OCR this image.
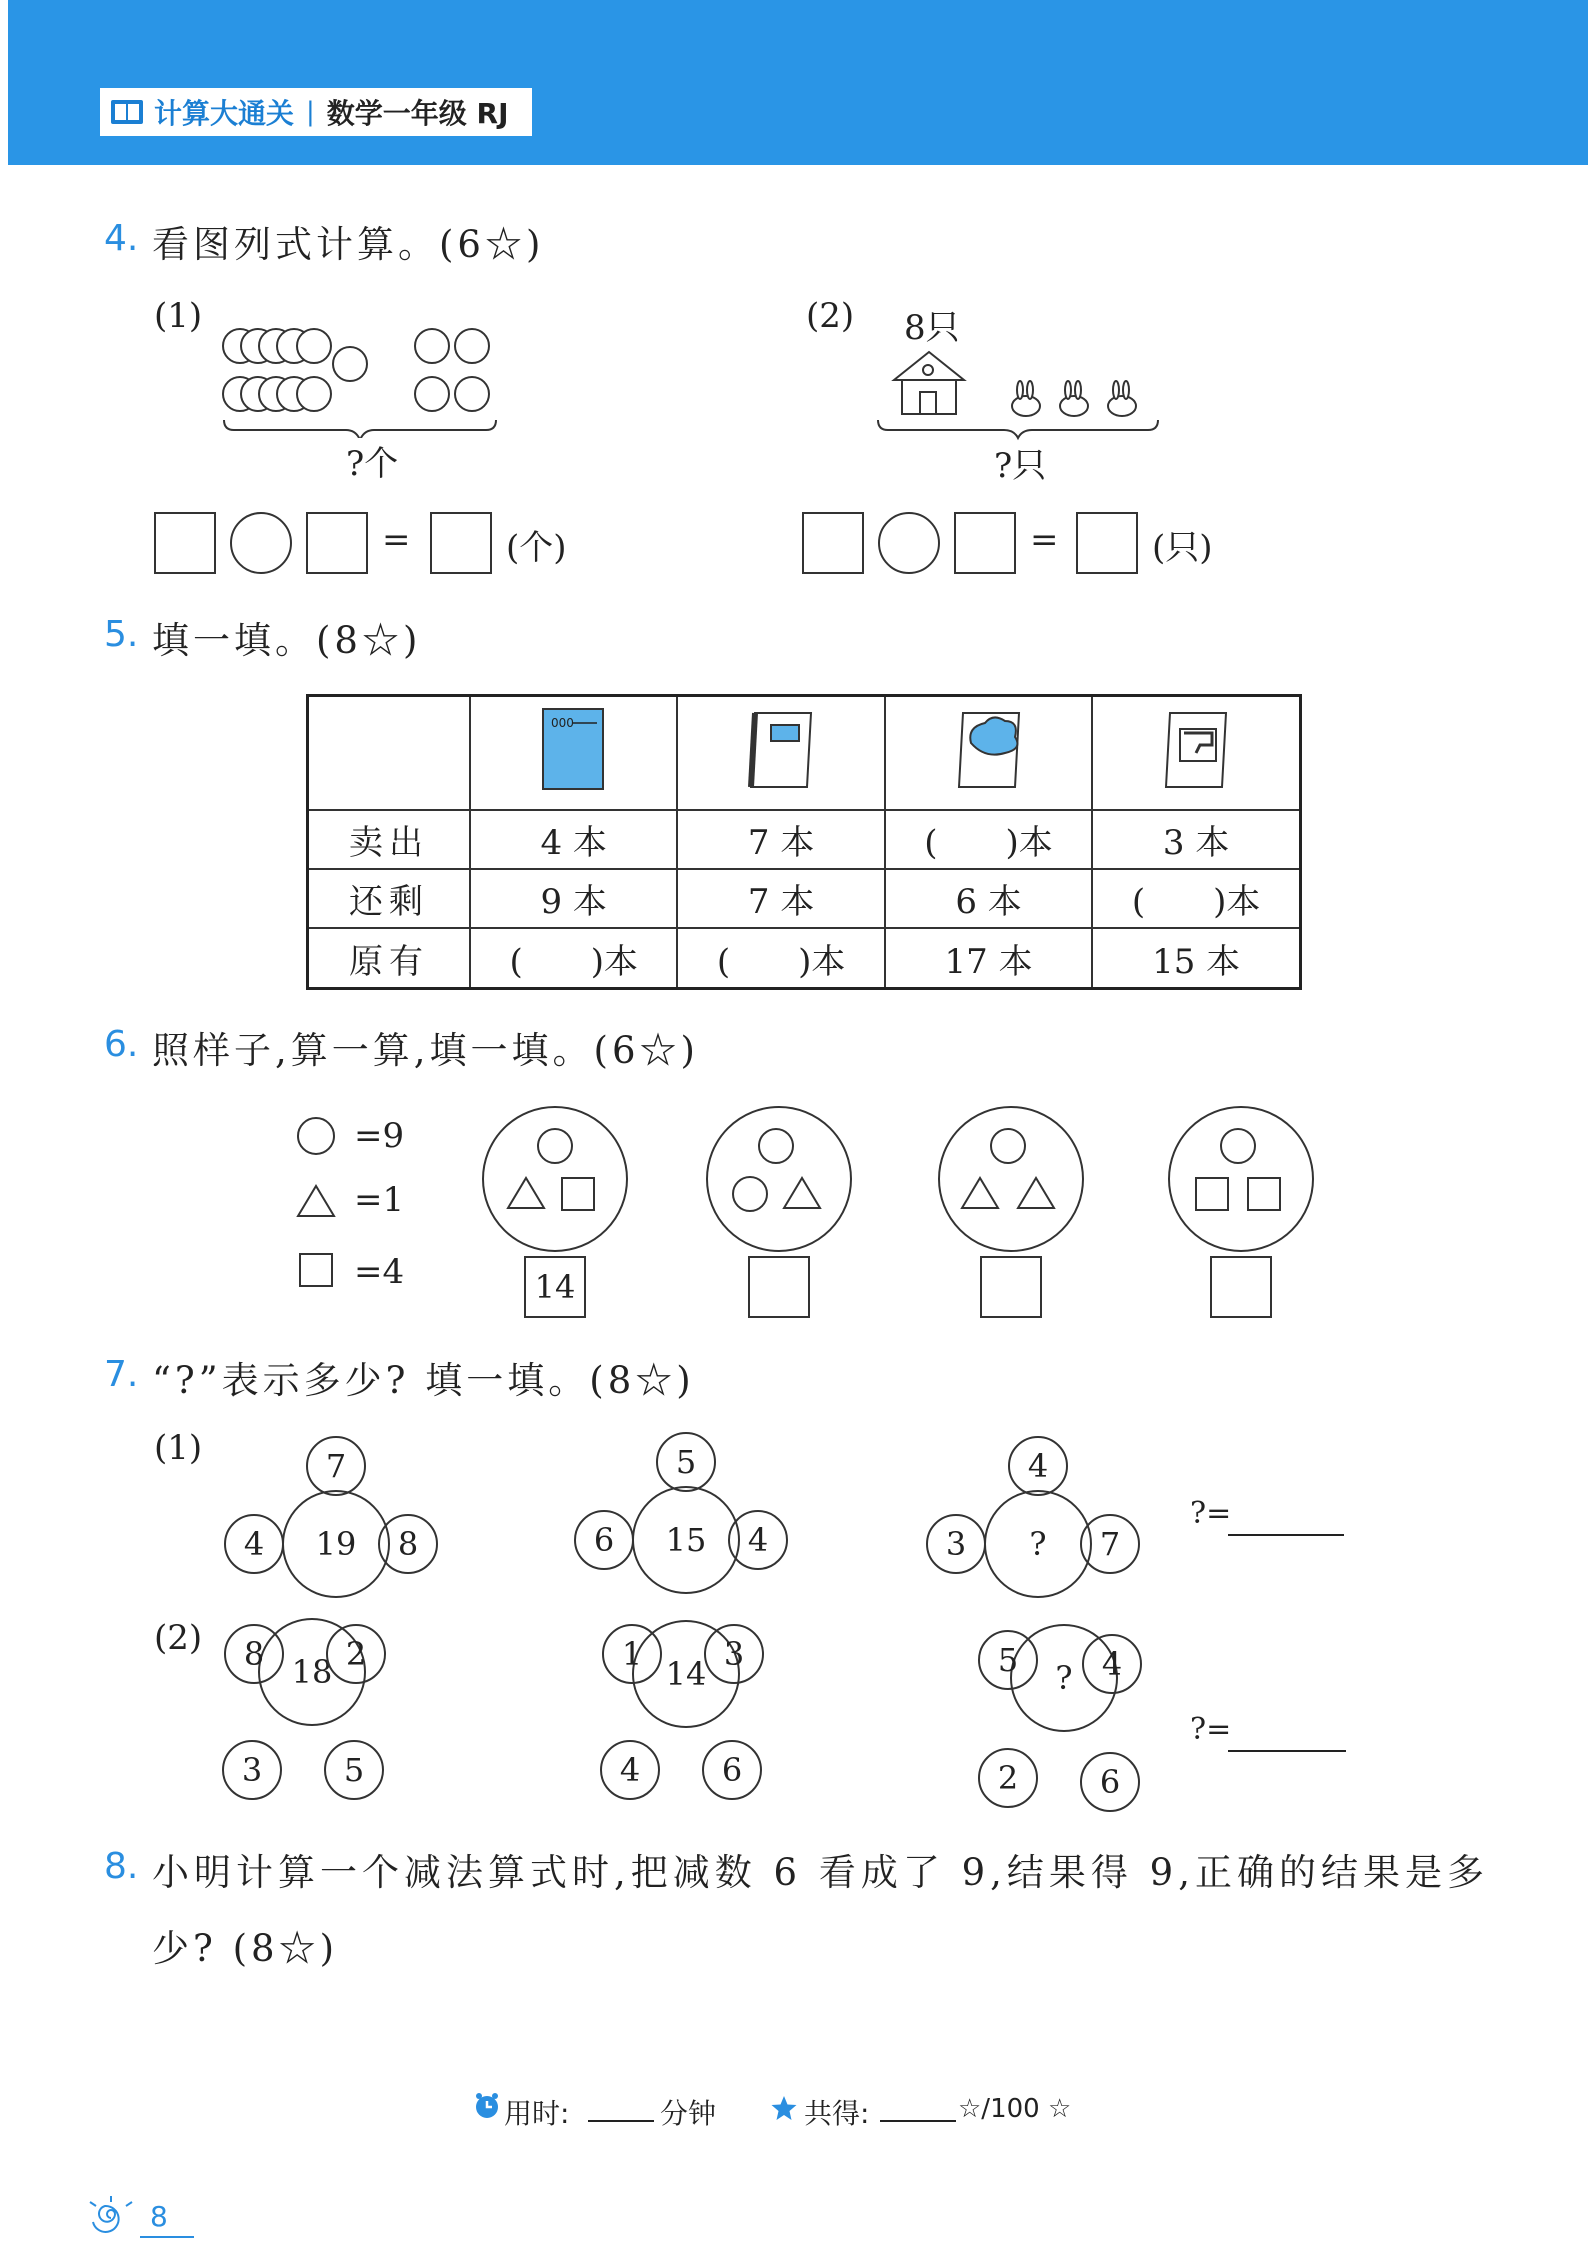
计算大通关 | 数学一年级 RJ
4. 看图列式计算。(6☆)
(1)
?个
(2) 8只
?只
=	(个)	=	(只)
5. 填一填。(8☆)

000

卖出	4 本	7 本	(　　)本	3 本
还剩	9 本	7 本	6 本	(　　)本
原有	(　　)本	(　　)本	17 本	15 本
6. 照样子,算一算,填一填。(6☆)
=9
=1
=4	14
7. “?”表示多少? 填一填。(8☆)
(1)
(2)
7
19
4	8
5
15
6	4
4
?
3	7
?=
18
8	2
3	5
14
1	3
4	6
?
5	4
2	6
?=
8. 小明计算一个减法算式时,把减数 6 看成了 9,结果得 9,正确的结果是多
少? (8☆)
用时:	分钟	共得:	☆/100 ☆
8
